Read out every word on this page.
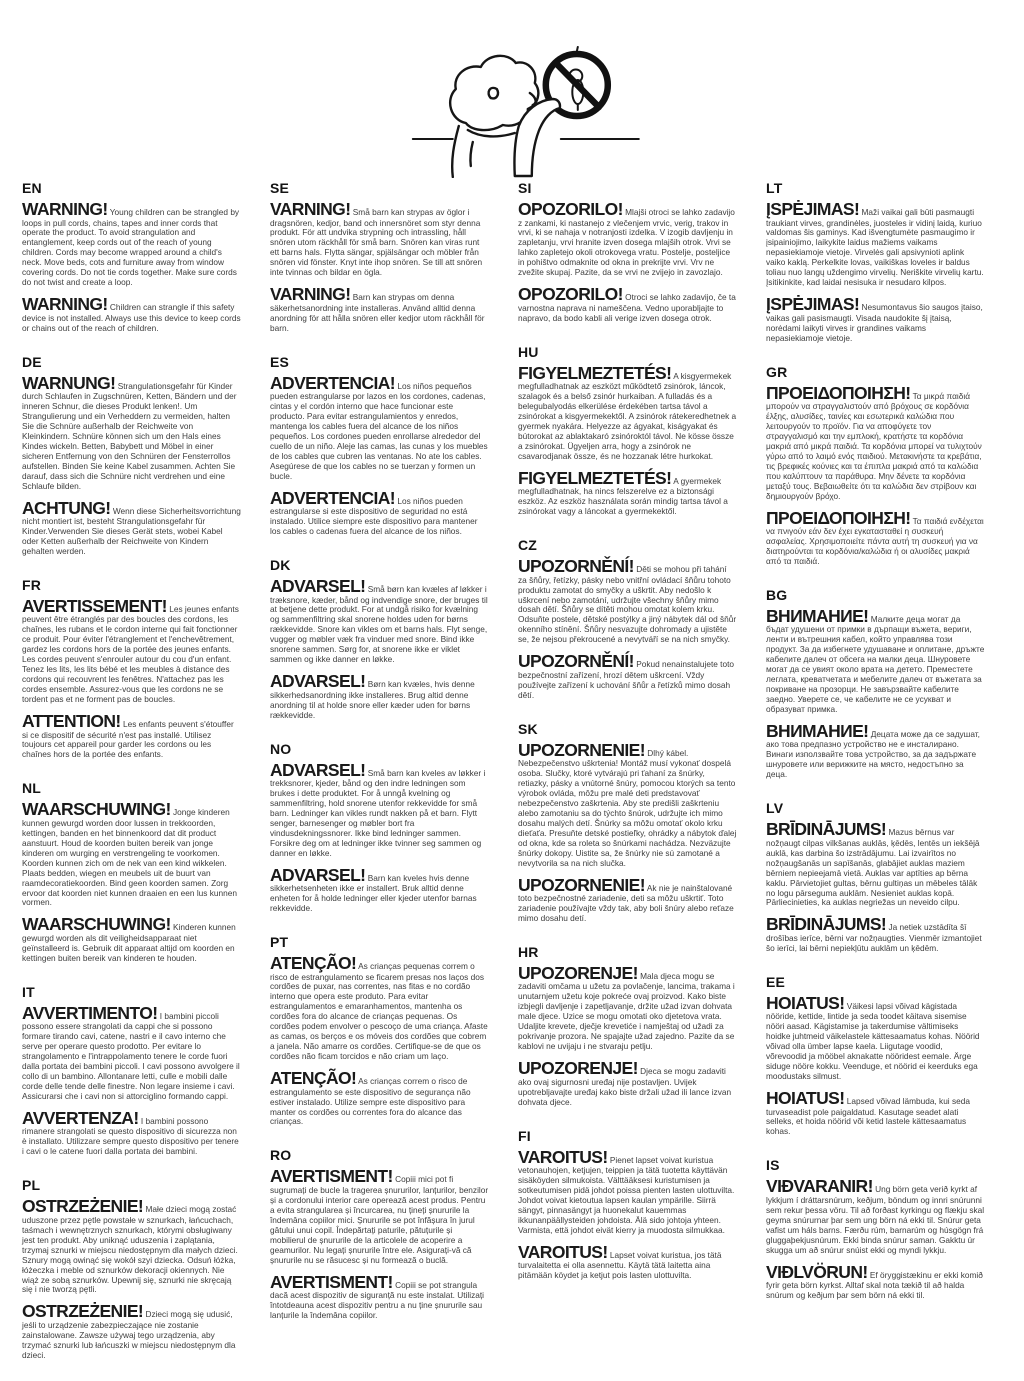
EN

WARNING! Young children can be strangled by loops in pull cords, chains, tapes and inner cords that operate the product. To avoid strangulation and entanglement, keep cords out of the reach of young children. Cords may become wrapped around a child's neck. Move beds, cots and furniture away from window covering cords. Do not tie cords together. Make sure cords do not twist and create a loop.

WARNING! Children can strangle if this safety device is not installed. Always use this device to keep cords or chains out of the reach of children.

DE

WARNUNG! Strangulationsgefahr für Kinder durch Schlaufen in Zugschnüren, Ketten, Bändern und der inneren Schnur, die dieses Produkt lenken!. Um Strangulierung und ein Verheddern zu vermeiden, halten Sie die Schnüre außerhalb der Reichweite von Kleinkindern. Schnüre können sich um den Hals eines Kindes wickeln. Betten, Babybett und Möbel in einer sicheren Entfernung von den Schnüren der Fensterrollos aufstellen. Binden Sie keine Kabel zusammen. Achten Sie darauf, dass sich die Schnüre nicht verdrehen und eine Schlaufe bilden.

ACHTUNG! Wenn diese Sicherheitsvorrichtung nicht montiert ist, besteht Strangulationsgefahr für Kinder.Verwenden Sie dieses Gerät stets, wobei Kabel oder Ketten außerhalb der Reichweite von Kindern gehalten werden.

FR

AVERTISSEMENT! Les jeunes enfants peuvent être étranglés par des boucles des cordons, les chaînes, les rubans et le cordon interne qui fait fonctionner ce produit. Pour éviter l'étranglement et l'enchevêtrement, gardez les cordons hors de la portée des jeunes enfants. Les cordes peuvent s'enrouler autour du cou d'un enfant. Tenez les lits, les lits bébé et les meubles à distance des cordons qui recouvrent les fenêtres. N'attachez pas les cordes ensemble. Assurez-vous que les cordons ne se tordent pas et ne forment pas de boucles.

ATTENTION! Les enfants peuvent s'étouffer si ce dispositif de sécurité n'est pas installé. Utilisez toujours cet appareil pour garder les cordons ou les chaînes hors de la portée des enfants.

NL

WAARSCHUWING! Jonge kinderen kunnen gewurgd worden door lussen in trekkoorden, kettingen, banden en het binnenkoord dat dit product aanstuurt. Houd de koorden buiten bereik van jonge kinderen om wurging en verstrengeling te voorkomen. Koorden kunnen zich om de nek van een kind wikkelen. Plaats bedden, wiegen en meubels uit de buurt van raamdecoratiekoorden. Bind geen koorden samen. Zorg ervoor dat koorden niet kunnen draaien en een lus kunnen vormen.

WAARSCHUWING! Kinderen kunnen gewurgd worden als dit veiligheidsapparaat niet geïnstalleerd is. Gebruik dit apparaat altijd om koorden en kettingen buiten bereik van kinderen te houden.

IT

AVVERTIMENTO! I bambini piccoli possono essere strangolati da cappi che si possono formare tirando cavi, catene, nastri e il cavo interno che serve per operare questo prodotto. Per evitare lo strangolamento e l'intrappolamento tenere le corde fuori dalla portata dei bambini piccoli. I cavi possono avvolgere il collo di un bambino. Allontanare letti, culle e mobili dalle corde delle tende delle finestre. Non legare insieme i cavi. Assicurarsi che i cavi non si attorciglino formando cappi.

AVVERTENZA! I bambini possono rimanere strangolati se questo dispositivo di sicurezza non è installato. Utilizzare sempre questo dispositivo per tenere i cavi o le catene fuori dalla portata dei bambini.

PL

OSTRZEŻENIE! Małe dzieci mogą zostać uduszone przez pętle powstałe w sznurkach, łańcuchach, taśmach i wewnętrznych sznurkach, którymi obsługiwany jest ten produkt. Aby uniknąć uduszenia i zaplątania, trzymaj sznurki w miejscu niedostępnym dla małych dzieci. Sznury mogą owinąć się wokół szyi dziecka. Odsuń łóżka, łóżeczka i meble od sznurków dekoracji okiennych. Nie wiąż ze sobą sznurków. Upewnij się, sznurki nie skręcają się i nie tworzą pętli.

OSTRZEŻENIE! Dzieci mogą się udusić, jeśli to urządzenie zabezpieczające nie zostanie zainstalowane. Zawsze używaj tego urządzenia, aby trzymać sznurki lub łańcuszki w miejscu niedostępnym dla dzieci.

SE

VARNING! Små barn kan strypas av öglor i dragsnören, kedjor, band och innersnöret som styr denna produkt. För att undvika strypning och intrassling, håll snören utom räckhåll för små barn. Snören kan viras runt ett barns hals. Flytta sängar, spjälsängar och möbler från snören vid fönster. Knyt inte ihop snören. Se till att snören inte tvinnas och bildar en ögla.

VARNING! Barn kan strypas om denna säkerhetsanordning inte installeras. Använd alltid denna anordning för att hålla snören eller kedjor utom räckhåll för barn.

ES

ADVERTENCIA! Los niños pequeños pueden estrangularse por lazos en los cordones, cadenas, cintas y el cordón interno que hace funcionar este producto. Para evitar estrangulamientos y enredos, mantenga los cables fuera del alcance de los niños pequeños. Los cordones pueden enrollarse alrededor del cuello de un niño. Aleje las camas, las cunas y los muebles de los cables que cubren las ventanas. No ate los cables. Asegúrese de que los cables no se tuerzan y formen un bucle.

ADVERTENCIA! Los niños pueden estrangularse si este dispositivo de seguridad no está instalado. Utilice siempre este dispositivo para mantener los cables o cadenas fuera del alcance de los niños.

DK

ADVARSEL! Små børn kan kvæles af løkker i træksnore, kæder, bånd og indvendige snore, der bruges til at betjene dette produkt. For at undgå risiko for kvælning og sammenfiltring skal snorene holdes uden for børns rækkevidde. Snore kan vikles om et barns hals. Flyt senge, vugger og møbler væk fra vinduer med snore. Bind ikke snorene sammen. Sørg for, at snorene ikke er viklet sammen og ikke danner en løkke.

ADVARSEL! Børn kan kvæles, hvis denne sikkerhedsanordning ikke installeres. Brug altid denne anordning til at holde snore eller kæder uden for børns rækkevidde.

NO

ADVARSEL! Små barn kan kveles av løkker i trekksnorer, kjeder, bånd og den indre ledningen som brukes i dette produktet. For å unngå kvelning og sammenfiltring, hold snorene utenfor rekkevidde for små barn. Ledninger kan vikles rundt nakken på et barn. Flytt senger, barnesenger og møbler bort fra vindusdekningssnorer. Ikke bind ledninger sammen. Forsikre deg om at ledninger ikke tvinner seg sammen og danner en løkke.

ADVARSEL! Barn kan kveles hvis denne sikkerhetsenheten ikke er installert. Bruk alltid denne enheten for å holde ledninger eller kjeder utenfor barnas rekkevidde.

PT

ATENÇÃO! As crianças pequenas correm o risco de estrangulamento se ficarem presas nos laços dos cordões de puxar, nas correntes, nas fitas e no cordão interno que opera este produto. Para evitar estrangulamentos e emaranhamentos, mantenha os cordões fora do alcance de crianças pequenas. Os cordões podem envolver o pescoço de uma criança. Afaste as camas, os berços e os móveis dos cordões que cobrem a janela. Não amarre os cordões. Certifique-se de que os cordões não ficam torcidos e não criam um laço.

ATENÇÃO! As crianças correm o risco de estrangulamento se este dispositivo de segurança não estiver instalado. Utilize sempre este dispositivo para manter os cordões ou correntes fora do alcance das crianças.

RO

AVERTISMENT! Copiii mici pot fi sugrumați de bucle la tragerea șnururilor, lanțurilor, benzilor și a cordonului interior care operează acest produs. Pentru a evita strangularea și încurcarea, nu țineți șnururile la îndemâna copiilor mici. Șnururile se pot înfășura în jurul gâtului unui copil. Îndepărtați paturile, pătuțurile și mobilierul de șnururile de la articolele de acoperire a geamurilor. Nu legați șnururile între ele. Asigurați-vă că șnururile nu se răsucesc și nu formează o buclă.

AVERTISMENT! Copiii se pot strangula dacă acest dispozitiv de siguranță nu este instalat. Utilizați întotdeauna acest dispozitiv pentru a nu ține șnururile sau lanțurile la îndemâna copiilor.

SI

OPOZORILO! Mlajši otroci se lahko zadavijo z zankami, ki nastanejo z vlečenjem vrvic, verig, trakov in vrvi, ki se nahaja v notranjosti izdelka. V izogib davljenju in zapletanju, vrvi hranite izven dosega mlajših otrok. Vrvi se lahko zapletejo okoli otrokovega vratu. Postelje, posteljice in pohištvo odmaknite od okna in prekrijte vrvi. Vrv ne zvežite skupaj. Pazite, da se vrvi ne zvijejo in zavozlajo.

OPOZORILO! Otroci se lahko zadavijo, če ta varnostna naprava ni nameščena. Vedno uporabljajte to napravo, da bodo kabli ali verige izven dosega otrok.

HU

FIGYELMEZTETÉS! A kisgyermekek megfulladhatnak az eszközt működtető zsinórok, láncok, szalagok és a belső zsinór hurkaiban. A fulladás és a belegubalyodás elkerülése érdekében tartsa távol a zsinórokat a kisgyermekektől. A zsinórok rátekeredhetnek a gyermek nyakára. Helyezze az ágyakat, kiságyakat és bútorokat az ablaktakaró zsinóroktól távol. Ne kösse össze a zsinórokat. Ügyeljen arra, hogy a zsinórok ne csavarodjanak össze, és ne hozzanak létre hurkokat.

FIGYELMEZTETÉS! A gyermekek megfulladhatnak, ha nincs felszerelve ez a biztonsági eszköz. Az eszköz használata során mindig tartsa távol a zsinórokat vagy a láncokat a gyermekektől.

CZ

UPOZORNĚNÍ! Děti se mohou při tahání za šňůry, řetízky, pásky nebo vnitřní ovládací šňůru tohoto produktu zamotat do smyčky a uškrtit. Aby nedošlo k uškrcení nebo zamotání, udržujte všechny šňůry mimo dosah dětí. Šňůry se dítěti mohou omotat kolem krku. Odsuňte postele, dětské postýlky a jiný nábytek dál od šňůr okenního stínění. Šňůry nesvazujte dohromady a ujistěte se, že nejsou překroucené a nevytváří se na nich smyčky.

UPOZORNĚNÍ! Pokud nenainstalujete toto bezpečnostní zařízení, hrozí dětem uškrcení. Vždy používejte zařízení k uchování šňůr a řetízků mimo dosah dětí.

SK

UPOZORNENIE! Dlhý kábel. Nebezpečenstvo uškrtenia! Montáž musí vykonať dospelá osoba. Slučky, ktoré vytvárajú pri ťahaní za šnúrky, retiazky, pásky a vnútorné šnúry, pomocou ktorých sa tento výrobok ovláda, môžu pre malé deti predstavovať nebezpečenstvo zaškrtenia. Aby ste predišli zaškrteniu alebo zamotaniu sa do týchto šnúrok, udržujte ich mimo dosahu malých detí. Šnúrky sa môžu omotať okolo krku dieťaťa. Presuňte detské postieľky, ohrádky a nábytok ďalej od okna, kde sa roleta so šnúrkami nachádza. Nezväzujte šnúrky dokopy. Uistite sa, že šnúrky nie sú zamotané a nevytvorila sa na nich slučka.

UPOZORNENIE! Ak nie je nainštalované toto bezpečnostné zariadenie, deti sa môžu uškrtiť. Toto zariadenie používajte vždy tak, aby boli šnúry alebo reťaze mimo dosahu detí.

HR

UPOZORENJE! Mala djeca mogu se zadaviti omčama u užetu za povlačenje, lancima, trakama i unutarnjem užetu koje pokreće ovaj proizvod. Kako biste izbjegli davljenje i zapetljavanje, držite užad izvan dohvata male djece. Uzice se mogu omotati oko djetetova vrata. Udaljite krevete, dječje krevetiće i namještaj od užadi za pokrivanje prozora. Ne spajajte užad zajedno. Pazite da se kablovi ne uvijaju i ne stvaraju petlju.

UPOZORENJE! Djeca se mogu zadaviti ako ovaj sigurnosni uređaj nije postavljen. Uvijek upotrebljavajte uređaj kako biste držali užad ili lance izvan dohvata djece.

FI

VAROITUS! Pienet lapset voivat kuristua vetonauhojen, ketjujen, teippien ja tätä tuotetta käyttävän sisäköyden silmukoista. Välttääksesi kuristumisen ja sotkeutumisen pidä johdot poissa pienten lasten ulottuvilta. Johdot voivat kietoutua lapsen kaulan ympärille. Siirrä sängyt, pinnasängyt ja huonekalut kauemmas ikkunanpäällysteiden johdoista. Älä sido johtoja yhteen. Varmista, että johdot eivät kierry ja muodosta silmukkaa.

VAROITUS! Lapset voivat kuristua, jos tätä turvalaitetta ei olla asennettu. Käytä tätä laitetta aina pitämään köydet ja ketjut pois lasten ulottuvilta.

LT

ĮSPĖJIMAS! Maži vaikai gali būti pasmaugti traukiant virves, grandinėles, juosteles ir vidinį laidą, kuriuo valdomas šis gaminys. Kad išvengtumėte pasmaugimo ir įsipainiojimo, laikykite laidus mažiems vaikams nepasiekiamoje vietoje. Virvelės gali apsivynioti aplink vaiko kaklą. Perkelkite lovas, vaikiškas loveles ir baldus toliau nuo langų uždengimo virvelių. Neriškite virvelių kartu. Įsitikinkite, kad laidai nesisuka ir nesudaro kilpos.

ĮSPĖJIMAS! Nesumontavus šio saugos įtaiso, vaikas gali pasismaugti. Visada naudokite šį įtaisą, norėdami laikyti virves ir grandines vaikams nepasiekiamoje vietoje.

GR

ΠΡΟΕΙΔΟΠΟΙΗΣΗ! Τα μικρά παιδιά μπορούν να στραγγαλιστούν από βρόχους σε κορδόνια έλξης, αλυσίδες, ταινίες και εσωτερικά καλώδια που λειτουργούν το προϊόν. Για να αποφύγετε τον στραγγαλισμό και την εμπλοκή, κρατήστε τα κορδόνια μακριά από μικρά παιδιά. Τα κορδόνια μπορεί να τυλιχτούν γύρω από το λαιμό ενός παιδιού. Μετακινήστε τα κρεβάτια, τις βρεφικές κούνιες και τα έπιπλα μακριά από τα καλώδια που καλύπτουν τα παράθυρα. Μην δένετε τα κορδόνια μεταξύ τους. Βεβαιωθείτε ότι τα καλώδια δεν στρίβουν και δημιουργούν βρόχο.

ΠΡΟΕΙΔΟΠΟΙΗΣΗ! Τα παιδιά ενδέχεται να πνιγούν εάν δεν έχει εγκατασταθεί η συσκευή ασφαλείας. Χρησιμοποιείτε πάντα αυτή τη συσκευή για να διατηρούνται τα κορδόνια/καλώδια ή οι αλυσίδες μακριά από τα παιδιά.

BG

ВНИМАНИЕ! Малките деца могат да бъдат удушени от примки в дърпащи въжета, вериги, ленти и вътрешния кабел, който управлява този продукт. За да избегнете удушаване и оплитане, дръжте кабелите далеч от обсега на малки деца. Шнуровете могат да се увият около врата на детето. Преместете леглата, креватчетата и мебелите далеч от въжетата за покриване на прозорци. Не завързвайте кабелите заедно. Уверете се, че кабелите не се усукват и образуват примка.

ВНИМАНИЕ! Децата може да се задушат, ако това предпазно устройство не е инсталирано. Винаги използвайте това устройство, за да задържате шнуровете или верижките на място, недостъпно за деца.

LV

BRĪDINĀJUMS! Mazus bērnus var nožņaugt cilpas vilkšanas auklās, ķēdēs, lentēs un iekšējā auklā, kas darbina šo izstrādājumu. Lai izvairītos no nožņaugšanās un sapīšanās, glabājiet auklas maziem bērniem nepieejamā vietā. Auklas var aptīties ap bērna kaklu. Pārvietojiet gultas, bērnu gultiņas un mēbeles tālāk no logu pārseguma auklām. Nesieniet auklas kopā. Pārliecinieties, ka auklas negriežas un neveido cilpu.

BRĪDINĀJUMS! Ja netiek uzstādīta šī drošības ierīce, bērni var nožņaugties. Vienmēr izmantojiet šo ierīci, lai bērni nepiekļūtu auklām un ķēdēm.

EE

HOIATUS! Väikesi lapsi võivad kägistada nööride, kettide, lintide ja seda toodet käitava sisemise nööri aasad. Kägistamise ja takerdumise vältimiseks hoidke juhtmeid väikelastele kättesaamatus kohas. Nöörid võivad olla ümber lapse kaela. Liigutage voodid, võrevoodid ja mööbel aknakatte nööridest eemale. Ärge siduge nööre kokku. Veenduge, et nöörid ei keerduks ega moodustaks silmust.

HOIATUS! Lapsed võivad lämbuda, kui seda turvaseadist pole paigaldatud. Kasutage seadet alati selleks, et hoida nöörid või ketid lastele kättesaamatus kohas.

IS

VIÐVARANIR! Ung börn geta verið kyrkt af lykkjum í dráttarsnúrum, keðjum, böndum og innri snúrunni sem rekur þessa vöru. Til að forðast kyrkingu og flækju skal geyma snúrurnar þar sem ung börn ná ekki til. Snúrur geta vafist um háls barns. Færðu rúm, barnarúm og húsgögn frá gluggaþekjusnúrum. Ekki binda snúrur saman. Gakktu úr skugga um að snúrur snúist ekki og myndi lykkju.

VIÐLVÖRUN! Ef öryggistækinu er ekki komið fyrir geta börn kyrkst. Alltaf skal nota tækið til að halda snúrum og keðjum þar sem börn ná ekki til.
